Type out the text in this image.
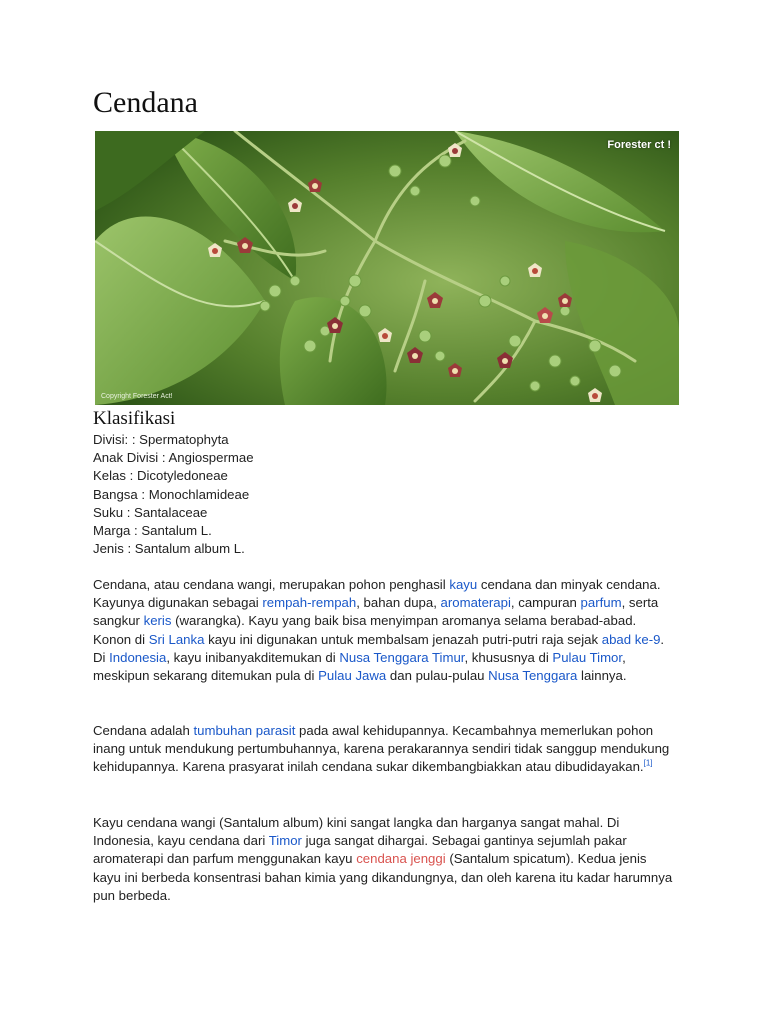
Cendana
Forester ct !
Copyright Forester Act!
Klasifikasi
Divisi: : Spermatophyta
Anak Divisi : Angiospermae
Kelas : Dicotyledoneae
Bangsa : Monochlamideae
Suku : Santalaceae
Marga : Santalum L.
Jenis : Santalum album L.

Cendana, atau cendana wangi, merupakan pohon penghasil kayu cendana dan minyak cendana. Kayunya digunakan sebagai rempah-rempah, bahan dupa, aromaterapi, campuran parfum, serta sangkur keris (warangka). Kayu yang baik bisa menyimpan aromanya selama berabad-abad. Konon di Sri Lanka kayu ini digunakan untuk membalsam jenazah putri-putri raja sejak abad ke-9. Di Indonesia, kayu inibanyakditemukan di Nusa Tenggara Timur, khususnya di Pulau Timor, meskipun sekarang ditemukan pula di Pulau Jawa dan pulau-pulau Nusa Tenggara lainnya.

Cendana adalah tumbuhan parasit pada awal kehidupannya. Kecambahnya memerlukan pohon inang untuk mendukung pertumbuhannya, karena perakarannya sendiri tidak sanggup mendukung kehidupannya. Karena prasyarat inilah cendana sukar dikembangbiakkan atau dibudidayakan.[1]

Kayu cendana wangi (Santalum album) kini sangat langka dan harganya sangat mahal. Di Indonesia, kayu cendana dari Timor juga sangat dihargai. Sebagai gantinya sejumlah pakar aromaterapi dan parfum menggunakan kayu cendana jenggi (Santalum spicatum). Kedua jenis kayu ini berbeda konsentrasi bahan kimia yang dikandungnya, dan oleh karena itu kadar harumnya pun berbeda.
